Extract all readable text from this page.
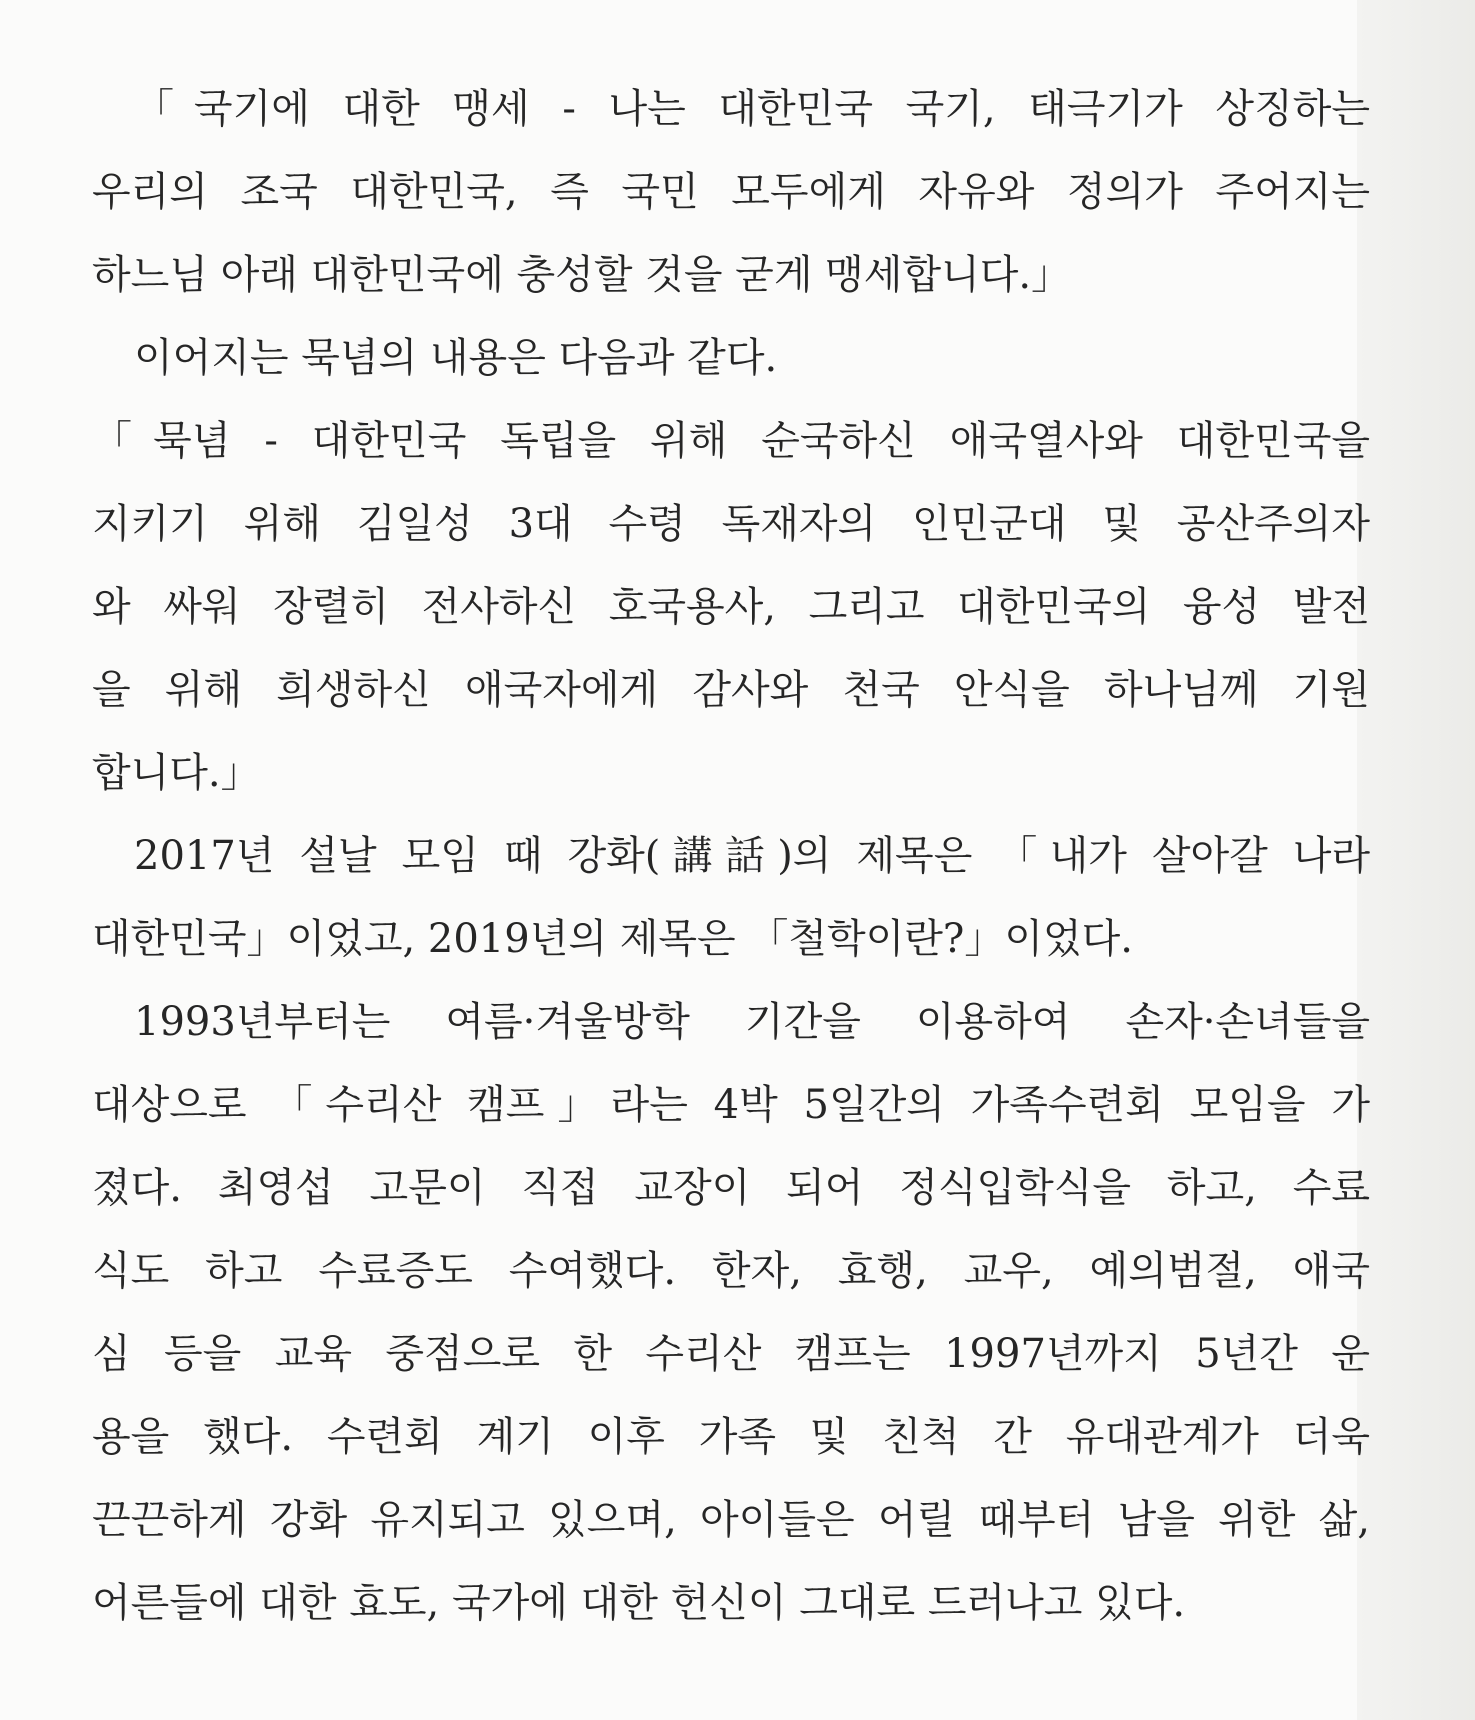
「국기에 대한 맹세 - 나는 대한민국 국기, 태극기가 상징하는
우리의 조국 대한민국, 즉 국민 모두에게 자유와 정의가 주어지는
하느님 아래 대한민국에 충성할 것을 굳게 맹세합니다.」
이어지는 묵념의 내용은 다음과 같다.
「묵념 - 대한민국 독립을 위해 순국하신 애국열사와 대한민국을
지키기 위해 김일성 3대 수령 독재자의 인민군대 및 공산주의자
와 싸워 장렬히 전사하신 호국용사, 그리고 대한민국의 융성 발전
을 위해 희생하신 애국자에게 감사와 천국 안식을 하나님께 기원
합니다.」
2017년 설날 모임 때 강화(講話)의 제목은 「내가 살아갈 나라
대한민국」이었고, 2019년의 제목은 「철학이란?」이었다.
1993년부터는 여름·겨울방학 기간을 이용하여 손자·손녀들을
대상으로 「수리산 캠프」라는 4박 5일간의 가족수련회 모임을 가
졌다. 최영섭 고문이 직접 교장이 되어 정식입학식을 하고, 수료
식도 하고 수료증도 수여했다. 한자, 효행, 교우, 예의범절, 애국
심 등을 교육 중점으로 한 수리산 캠프는 1997년까지 5년간 운
용을 했다. 수련회 계기 이후 가족 및 친척 간 유대관계가 더욱
끈끈하게 강화 유지되고 있으며, 아이들은 어릴 때부터 남을 위한 삶,
어른들에 대한 효도, 국가에 대한 헌신이 그대로 드러나고 있다.
